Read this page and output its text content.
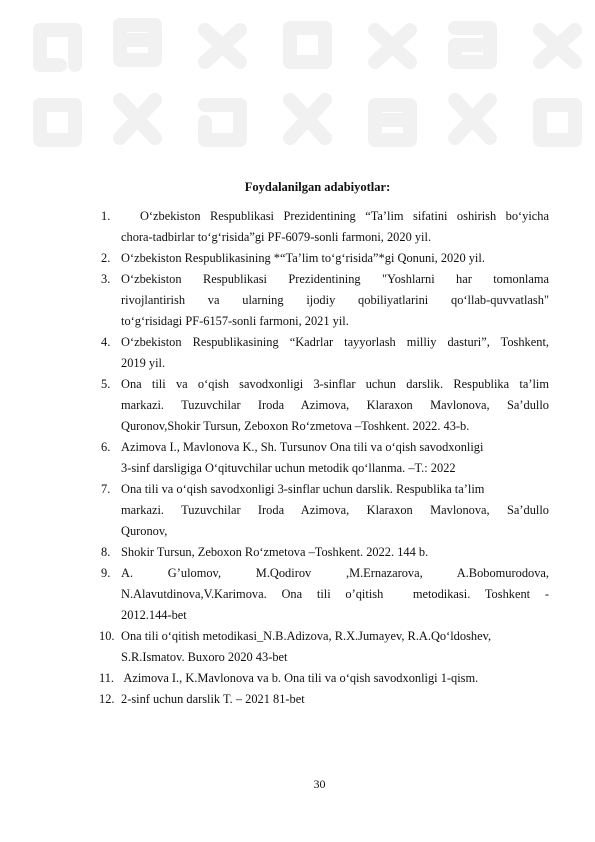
Foydalanilgan adabiyotlar:
1. O‘zbekiston Respublikasi Prezidentining “Ta’lim sifatini oshirish bo‘yicha
chora-tadbirlar to‘g‘risida”gi PF-6079-sonli farmoni, 2020 yil.
2. O‘zbekiston Respublikasining *“Ta’lim to‘g‘risida”*gi Qonuni, 2020 yil.
3. O‘zbekiston Respublikasi Prezidentining "Yoshlarni har tomonlama
rivojlantirish va ularning ijodiy qobiliyatlarini qo‘llab-quvvatlash"
to‘g‘risidagi PF-6157-sonli farmoni, 2021 yil.
4. O‘zbekiston Respublikasining “Kadrlar tayyorlash milliy dasturi”, Toshkent,
2019 yil.
5. Ona tili va o‘qish savodxonligi 3-sinflar uchun darslik. Respublika ta’lim
markazi. Tuzuvchilar Iroda Azimova, Klaraxon Mavlonova, Sa’dullo
Quronov,Shokir Tursun, Zeboxon Ro‘zmetova –Toshkent. 2022. 43-b.
6. Azimova I., Mavlonova K., Sh. Tursunov Ona tili va o‘qish savodxonligi
3-sinf darsligiga O‘qituvchilar uchun metodik qo‘llanma. –T.: 2022
7. Ona tili va o‘qish savodxonligi 3-sinflar uchun darslik. Respublika ta’lim
markazi. Tuzuvchilar Iroda Azimova, Klaraxon Mavlonova, Sa’dullo
Quronov,
8. Shokir Tursun, Zeboxon Ro‘zmetova –Toshkent. 2022. 144 b.
9. A. G’ulomov, M.Qodirov ,M.Ernazarova, A.Bobomurodova,
N.Alavutdinova,V.Karimova. Ona tili o’qitish  metodikasi. Toshkent -
2012.144-bet
10. Ona tili o‘qitish metodikasi_N.B.Adizova, R.X.Jumayev, R.A.Qo‘ldoshev,
S.R.Ismatov. Buxoro 2020 43-bet
11. Azimova I., K.Mavlonova va b. Ona tili va o‘qish savodxonligi 1-qism.
12. 2-sinf uchun darslik T. – 2021 81-bet
30
